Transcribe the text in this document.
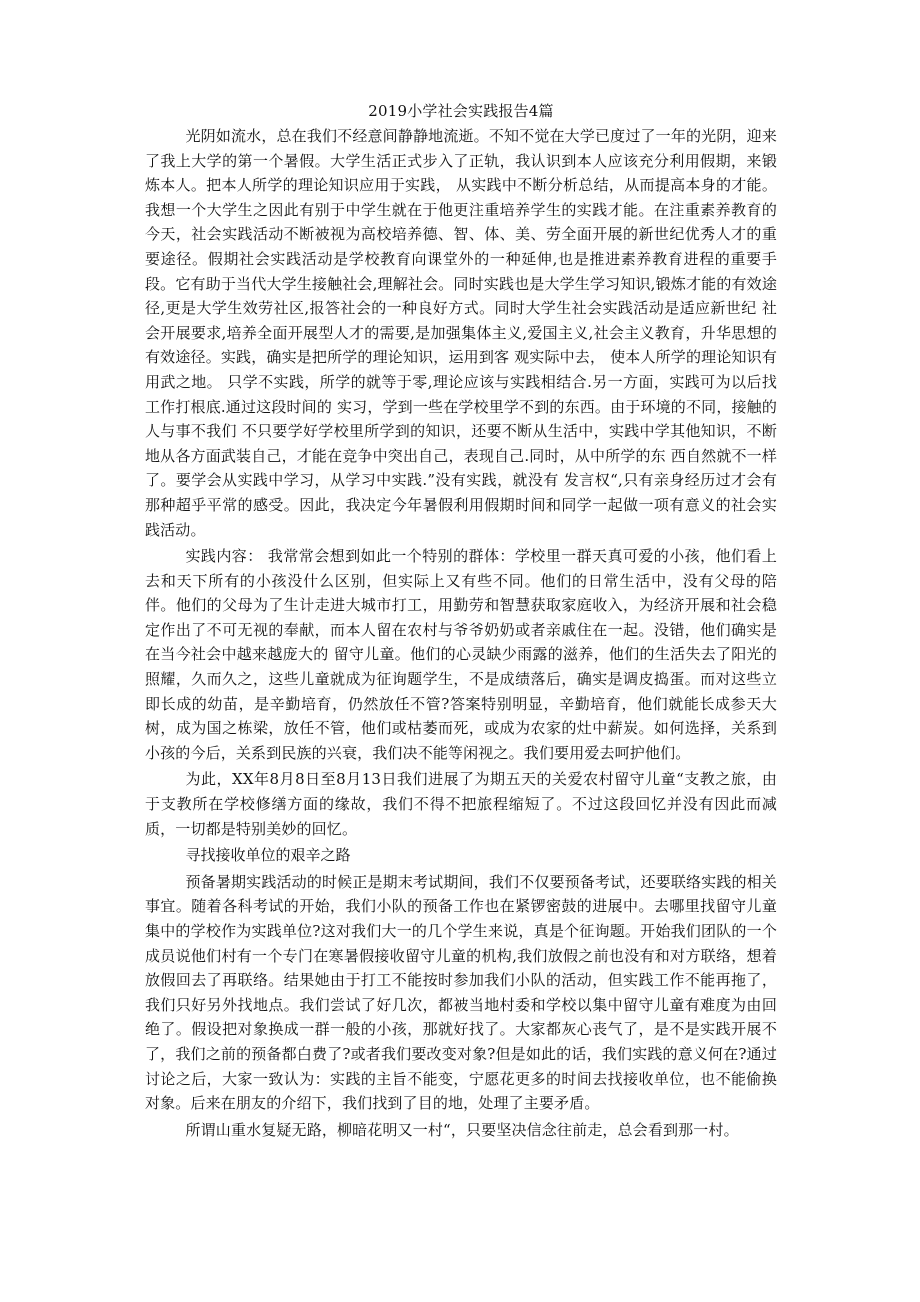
2019小学社会实践报告4篇

光阴如流水，总在我们不经意间静静地流逝。不知不觉在大学已度过了一年的光阴，迎来了我上大学的第一个暑假。大学生活正式步入了正轨，我认识到本人应该充分利用假期，来锻炼本人。把本人所学的理论知识应用于实践， 从实践中不断分析总结，从而提高本身的才能。我想一个大学生之因此有别于中学生就在于他更注重培养学生的实践才能。在注重素养教育的今天，社会实践活动不断被视为高校培养德、智、体、美、劳全面开展的新世纪优秀人才的重要途径。假期社会实践活动是学校教育向课堂外的一种延伸,也是推进素养教育进程的重要手段。它有助于当代大学生接触社会,理解社会。同时实践也是大学生学习知识,锻炼才能的有效途径,更是大学生效劳社区,报答社会的一种良好方式。同时大学生社会实践活动是适应新世纪 社会开展要求,培养全面开展型人才的需要,是加强集体主义,爱国主义,社会主义教育，升华思想的有效途径。实践，确实是把所学的理论知识，运用到客 观实际中去， 使本人所学的理论知识有用武之地。 只学不实践，所学的就等于零,理论应该与实践相结合.另一方面，实践可为以后找工作打根底.通过这段时间的 实习，学到一些在学校里学不到的东西。由于环境的不同，接触的人与事不我们 不只要学好学校里所学到的知识，还要不断从生活中，实践中学其他知识，不断 地从各方面武装自己，才能在竞争中突出自己，表现自己.同时，从中所学的东 西自然就不一样了。要学会从实践中学习，从学习中实践.”没有实践，就没有 发言权“,只有亲身经历过才会有那种超乎平常的感受。因此，我决定今年暑假利用假期时间和同学一起做一项有意义的社会实践活动。

实践内容： 我常常会想到如此一个特别的群体：学校里一群天真可爱的小孩，他们看上去和天下所有的小孩没什么区别，但实际上又有些不同。他们的日常生活中，没有父母的陪伴。他们的父母为了生计走进大城市打工，用勤劳和智慧获取家庭收入，为经济开展和社会稳定作出了不可无视的奉献，而本人留在农村与爷爷奶奶或者亲戚住在一起。没错，他们确实是在当今社会中越来越庞大的 留守儿童。他们的心灵缺少雨露的滋养，他们的生活失去了阳光的照耀，久而久之，这些儿童就成为征询题学生，不是成绩落后，确实是调皮捣蛋。而对这些立即长成的幼苗，是辛勤培育，仍然放任不管?答案特别明显，辛勤培育，他们就能长成参天大树，成为国之栋梁，放任不管，他们或枯萎而死，或成为农家的灶中薪炭。如何选择，关系到小孩的今后，关系到民族的兴衰，我们决不能等闲视之。我们要用爱去呵护他们。

为此，XX年8月8日至8月13日我们进展了为期五天的关爱农村留守儿童“支教之旅，由于支教所在学校修缮方面的缘故，我们不得不把旅程缩短了。不过这段回忆并没有因此而减质，一切都是特别美妙的回忆。

寻找接收单位的艰辛之路

预备暑期实践活动的时候正是期末考试期间，我们不仅要预备考试，还要联络实践的相关事宜。随着各科考试的开始，我们小队的预备工作也在紧锣密鼓的进展中。去哪里找留守儿童集中的学校作为实践单位?这对我们大一的几个学生来说，真是个征询题。开始我们团队的一个成员说他们村有一个专门在寒暑假接收留守儿童的机构,我们放假之前也没有和对方联络，想着放假回去了再联络。结果她由于打工不能按时参加我们小队的活动，但实践工作不能再拖了，我们只好另外找地点。我们尝试了好几次，都被当地村委和学校以集中留守儿童有难度为由回绝了。假设把对象换成一群一般的小孩，那就好找了。大家都灰心丧气了，是不是实践开展不了，我们之前的预备都白费了?或者我们要改变对象?但是如此的话，我们实践的意义何在?通过讨论之后，大家一致认为：实践的主旨不能变，宁愿花更多的时间去找接收单位，也不能偷换对象。后来在朋友的介绍下，我们找到了目的地，处理了主要矛盾。

所谓山重水复疑无路，柳暗花明又一村“，只要坚决信念往前走，总会看到那一村。
